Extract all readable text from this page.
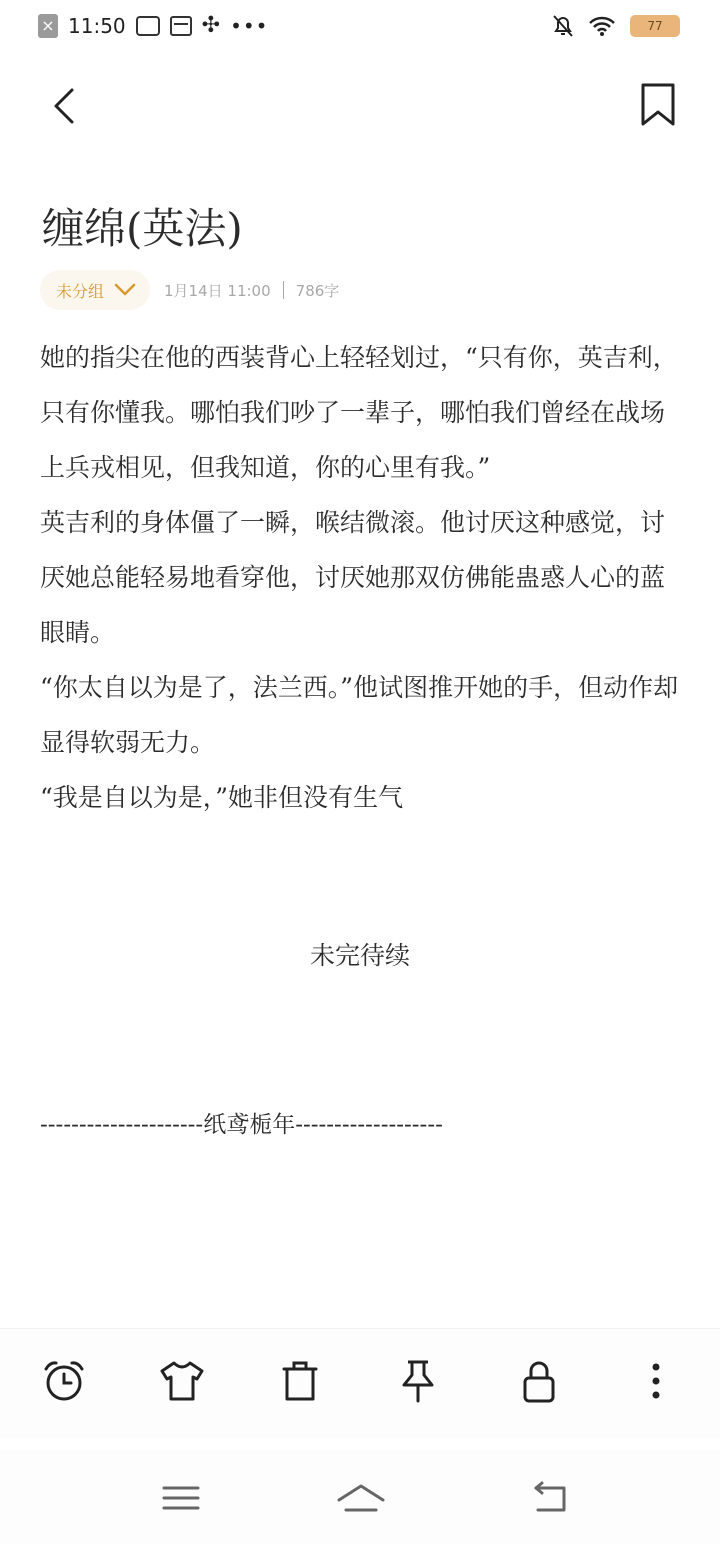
× 11:50	✣ •••	77
缠绵(英法)
未分组	1月14日 11:00 786字

她的指尖在他的西装背心上轻轻划过，“只有你，英吉利，只有你懂我。哪怕我们吵了一辈子，哪怕我们曾经在战场上兵戎相见，但我知道，你的心里有我。”

英吉利的身体僵了一瞬，喉结微滚。他讨厌这种感觉，讨厌她总能轻易地看穿他，讨厌她那双仿佛能蛊惑人心的蓝眼睛。

“你太自以为是了，法兰西。”他试图推开她的手，但动作却显得软弱无力。

“我是自以为是，”她非但没有生气

未完待续
---------------------纸鸢栀年-------------------
